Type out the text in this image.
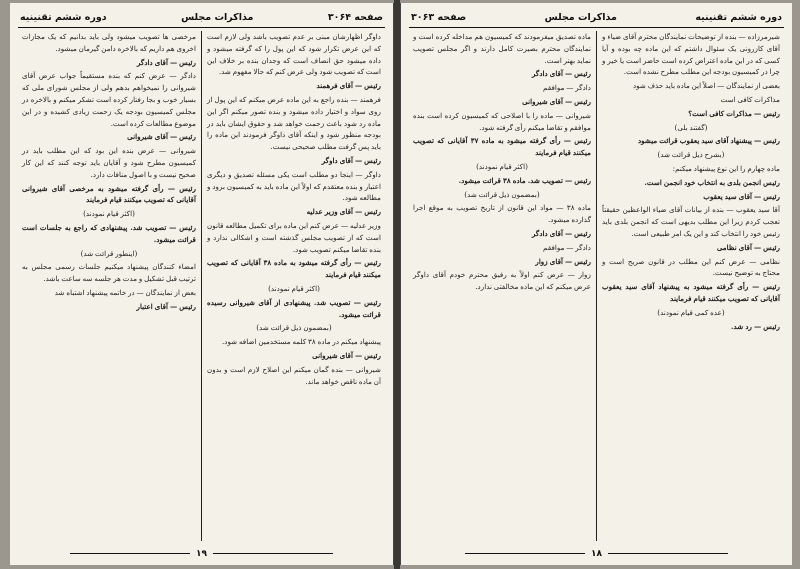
صفحه ۳۰۶۴
مذاکرات مجلس
دوره ششم تقنینیه

داوگر اظهارشان مبنی بر عدم تصویب باشد ولی لازم است که این عرض تکرار شود که این پول را که گرفته میشود و داده میشود حق انصاف است که وجدان بنده بر خلاف این است که تصویب شود ولی عرض کنم که حالا مفهوم شد.

رئیس — آقای فرهمند

فرهمند — بنده راجع به این ماده عرض میکنم که این پول از روی سواد و اختیار داده میشود و بنده تصور میکنم اگر این ماده رد شود باعث زحمت خواهد شد و حقوق ایشان باید در بودجه منظور شود و اینکه آقای داوگر فرمودند این ماده را باید پس گرفت مطلب صحیحی نیست.

رئیس — آقای داوگر

داوگر — اینجا دو مطلب است یکی مسئله تصدیق و دیگری اعتبار و بنده معتقدم که اولاً این ماده باید به کمیسیون برود و مطالعه شود.

رئیس — آقای وزیر عدلیه

وزیر عدلیه — عرض کنم این ماده برای تکمیل مطالعه قانون است که از تصویب مجلس گذشته است و اشکالی ندارد و بنده تقاضا میکنم تصویب شود.

رئیس — رأی گرفته میشود به ماده ۳۸ آقایانی که تصویب میکنند قیام فرمایند

(اکثر قیام نمودند)

رئیس — تصویب شد. پیشنهادی از آقای شیروانی رسیده قرائت میشود.

(بمضمون ذیل قرائت شد)

پیشنهاد میکنم در ماده ۳۸ کلمه مستخدمین اضافه شود.

رئیس — آقای شیروانی

شیروانی — بنده گمان میکنم این اصلاح لازم است و بدون آن ماده ناقص خواهد ماند.

مرخصی ها تصویب میشود ولی باید بدانیم که یک مجازات اخروی هم داریم که بالاخره دامن گیرمان میشود.

رئیس — آقای دادگر

دادگر — عرض کنم که بنده مستقیماً جواب عرض آقای شیروانی را نمیخواهم بدهم ولی از مجلس شورای ملی که بسیار خوب و بجا رفتار کرده است تشکر میکنم و بالاخره در مجلس کمیسیون بودجه یک زحمت زیادی کشیده و در این موضوع مطالعات کرده است.

رئیس — آقای شیروانی

شیروانی — عرض بنده این بود که این مطلب باید در کمیسیون مطرح شود و آقایان باید توجه کنند که این کار صحیح نیست و با اصول منافات دارد.

رئیس — رأی گرفته میشود به مرخصی آقای شیروانی آقایانی که تصویب میکنند قیام فرمایند

(اکثر قیام نمودند)

رئیس — تصویب شد. پیشنهادی که راجع به جلسات است قرائت میشود.

(اینطور قرائت شد)

امضاء کنندگان پیشنهاد میکنیم جلسات رسمی مجلس به ترتیب قبل تشکیل و مدت هر جلسه سه ساعت باشد.

بعض از نمایندگان — در خاتمه پیشنهاد اشتباه شد

رئیس — آقای اعتبار

۱۹
دوره ششم تقنینیه
مذاکرات مجلس
صفحه ۳۰۶۳

شیرمرزاده — بنده از توضیحات نمایندگان محترم آقای ضیاء و آقای کازرونی یک سئوال داشتم که این ماده چه بوده و آیا کسی که در این ماده اعتراض کرده است حاضر است یا خیر و چرا در کمیسیون بودجه این مطلب مطرح نشده است.

بعضی از نمایندگان — اصلاً این ماده باید حذف شود

مذاکرات کافی است

رئیس — مذاکرات کافی است؟

(گفتند بلی)

رئیس — پیشنهاد آقای سید یعقوب قرائت میشود

(بشرح ذیل قرائت شد)

ماده چهارم را این نوع پیشنهاد میکنم:

رئیس انجمن بلدی به انتخاب خود انجمن است.

رئیس — آقای سید یعقوب

آقا سید یعقوب — بنده از بیانات آقای ضیاء الواعظین حقیقتاً تعجب کردم زیرا این مطلب بدیهی است که انجمن بلدی باید رئیس خود را انتخاب کند و این یک امر طبیعی است.

رئیس — آقای نظامی

نظامی — عرض کنم این مطلب در قانون صریح است و محتاج به توضیح نیست.

رئیس — رأی گرفته میشود به پیشنهاد آقای سید یعقوب آقایانی که تصویب میکنند قیام فرمایند

(عده کمی قیام نمودند)

رئیس — رد شد.

ماده تصدیق میفرمودند که کمیسیون هم مداخله کرده است و نمایندگان محترم بصیرت کامل دارند و اگر مجلس تصویب نماید بهتر است.

رئیس — آقای دادگر

دادگر — موافقم

رئیس — آقای شیروانی

شیروانی — ماده را با اصلاحی که کمیسیون کرده است بنده موافقم و تقاضا میکنم رأی گرفته شود.

رئیس — رأی گرفته میشود به ماده ۳۷ آقایانی که تصویب میکنند قیام فرمایند

(اکثر قیام نمودند)

رئیس — تصویب شد. ماده ۳۸ قرائت میشود.

(بمضمون ذیل قرائت شد)

ماده ۳۸ — مواد این قانون از تاریخ تصویب به موقع اجرا گذارده میشود.

رئیس — آقای دادگر

دادگر — موافقم

رئیس — آقای زوار

زوار — عرض کنم اولاً به رفیق محترم خودم آقای داوگر عرض میکنم که این ماده مخالفتی ندارد.

۱۸
